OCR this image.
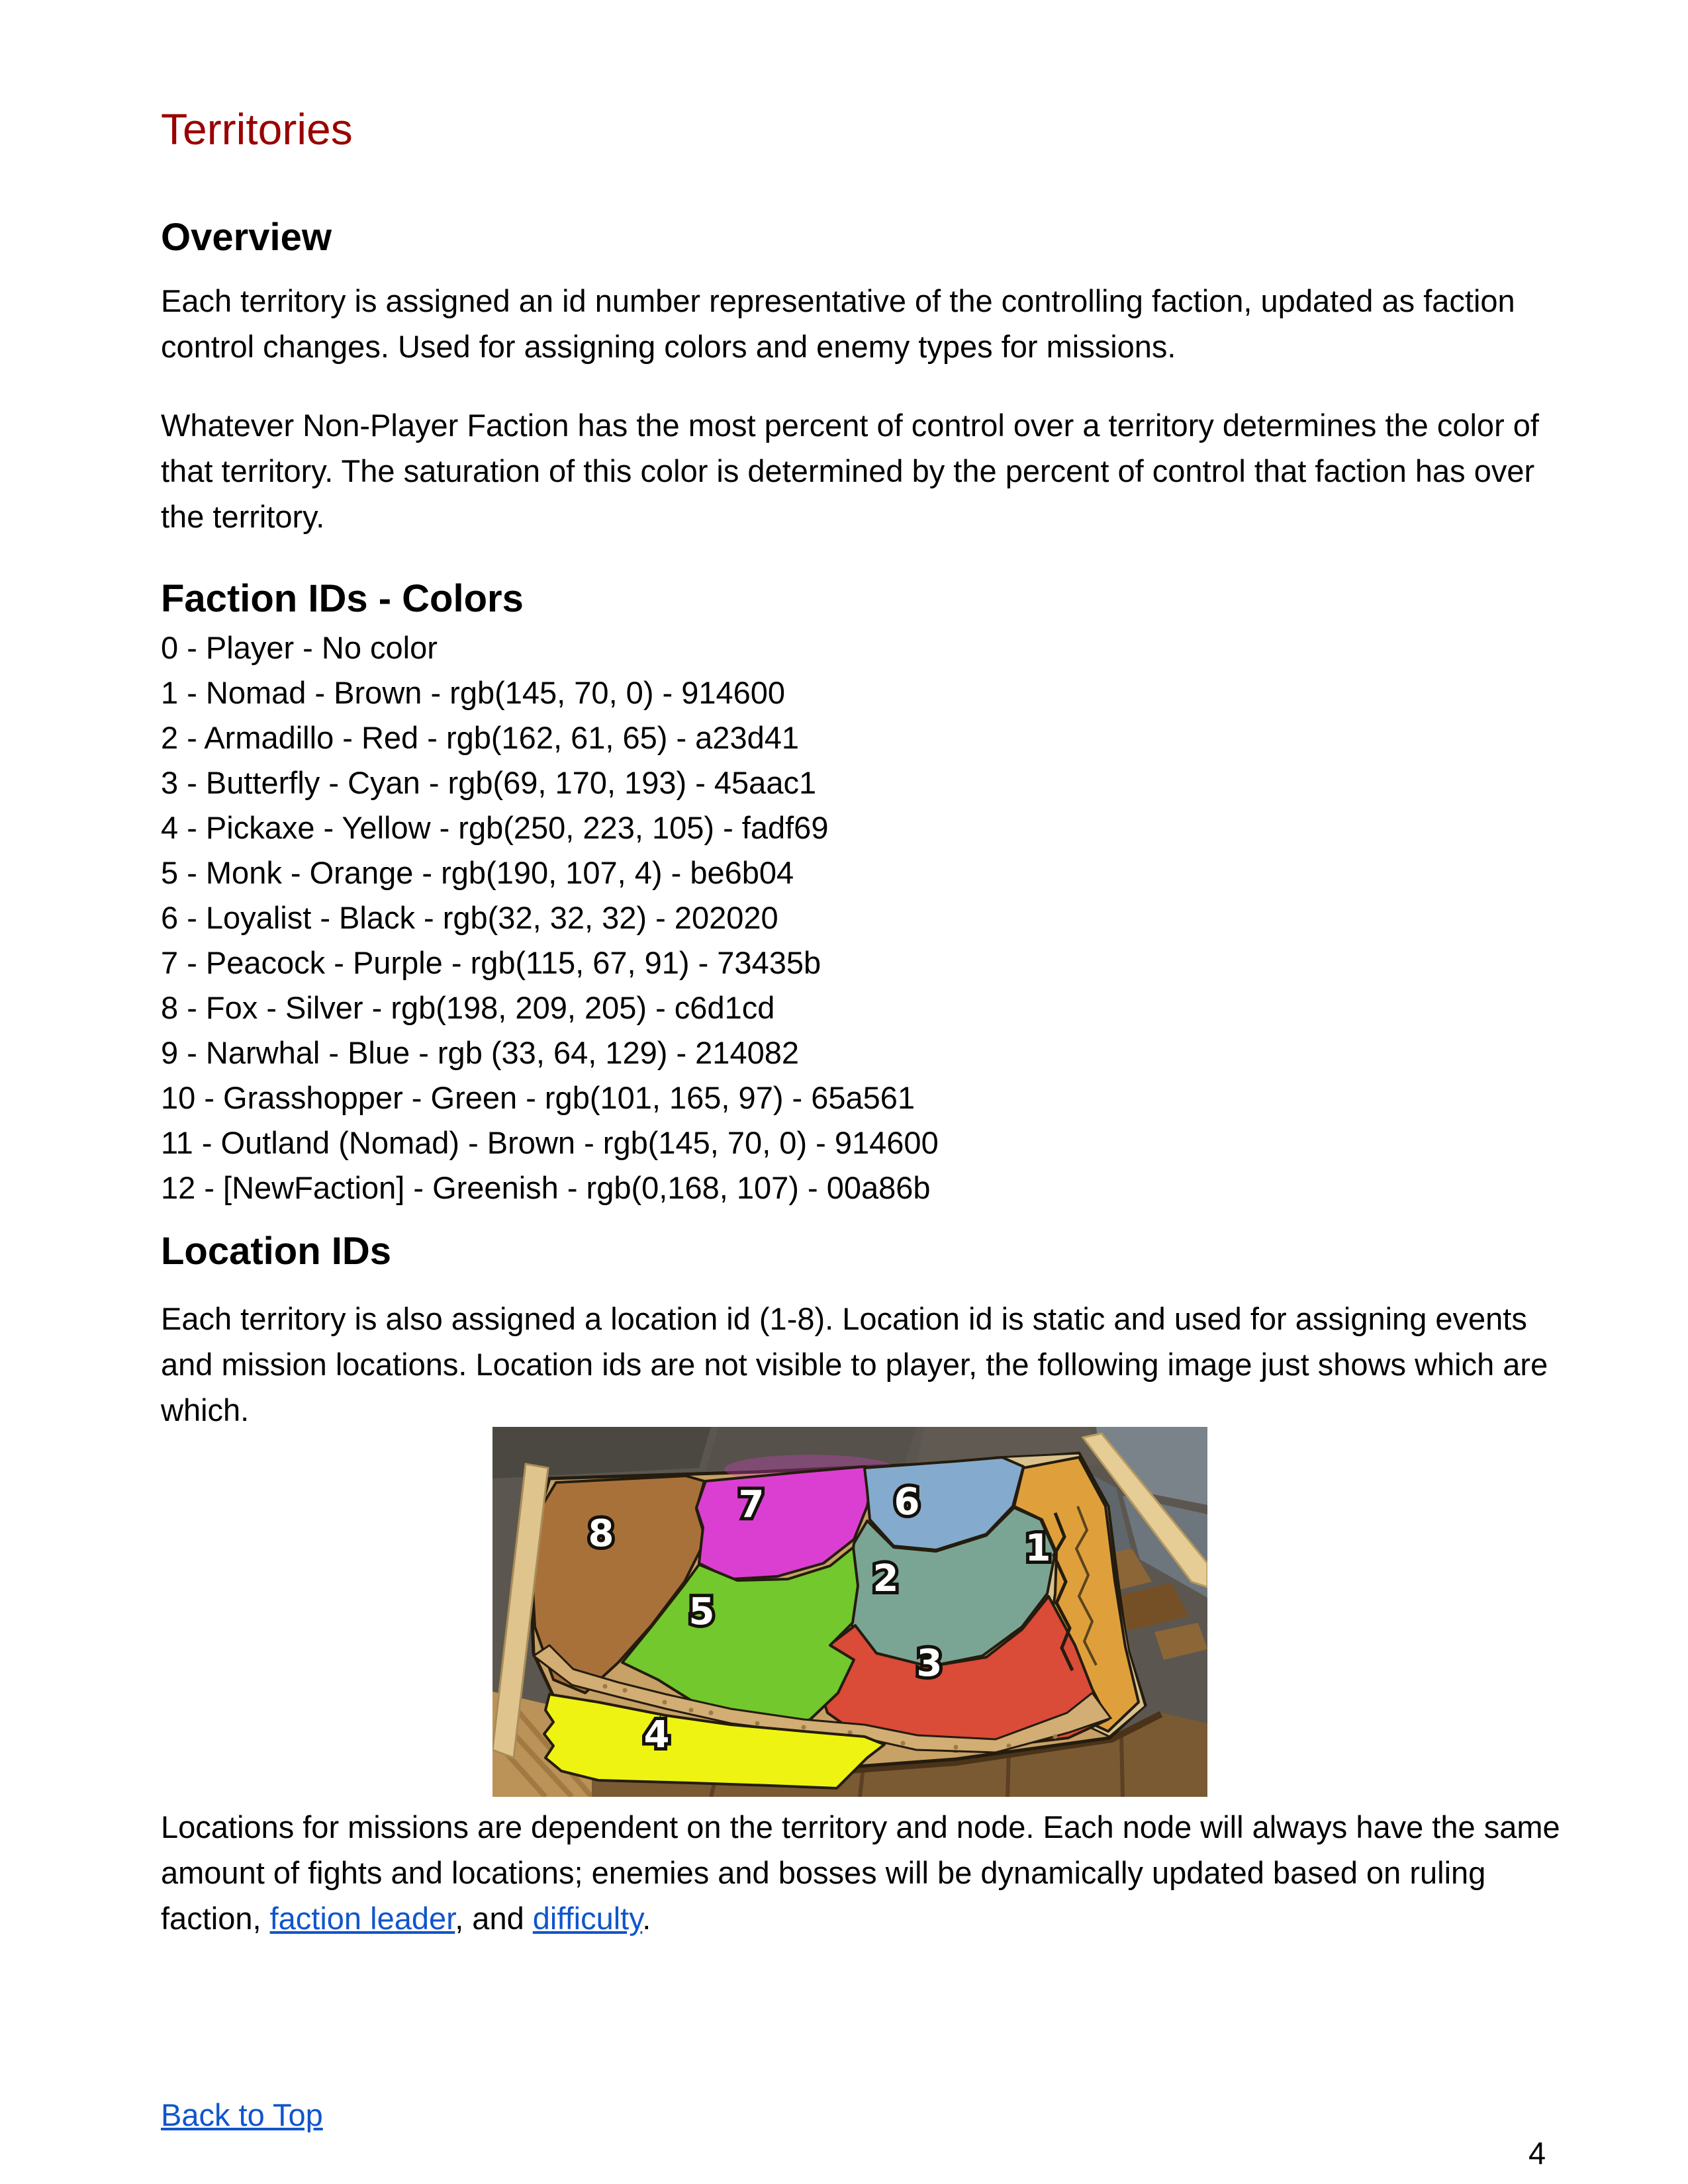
Territories
Overview
Each territory is assigned an id number representative of the controlling faction, updated as faction
control changes. Used for assigning colors and enemy types for missions.
Whatever Non-Player Faction has the most percent of control over a territory determines the color of
that territory. The saturation of this color is determined by the percent of control that faction has over
the territory.
Faction IDs - Colors
0 - Player - No color
1 - Nomad - Brown - rgb(145, 70, 0) - 914600
2 - Armadillo - Red - rgb(162, 61, 65) - a23d41
3 - Butterfly - Cyan - rgb(69, 170, 193) - 45aac1
4 - Pickaxe - Yellow - rgb(250, 223, 105) - fadf69
5 - Monk - Orange - rgb(190, 107, 4) - be6b04
6 - Loyalist - Black - rgb(32, 32, 32) - 202020
7 - Peacock - Purple - rgb(115, 67, 91) - 73435b
8 - Fox - Silver - rgb(198, 209, 205) - c6d1cd
9 - Narwhal - Blue - rgb (33, 64, 129) - 214082
10 - Grasshopper - Green - rgb(101, 165, 97) - 65a561
11 - Outland (Nomad) - Brown - rgb(145, 70, 0) - 914600
12 - [NewFaction] - Greenish - rgb(0,168, 107) - 00a86b
Location IDs
Each territory is also assigned a location id (1-8). Location id is static and used for assigning events
and mission locations. Location ids are not visible to player, the following image just shows which are
which.
1
2
3
4
5
6
7
8
Locations for missions are dependent on the territory and node. Each node will always have the same
amount of fights and locations; enemies and bosses will be dynamically updated based on ruling
faction, faction leader, and difficulty.
Back to Top
4
